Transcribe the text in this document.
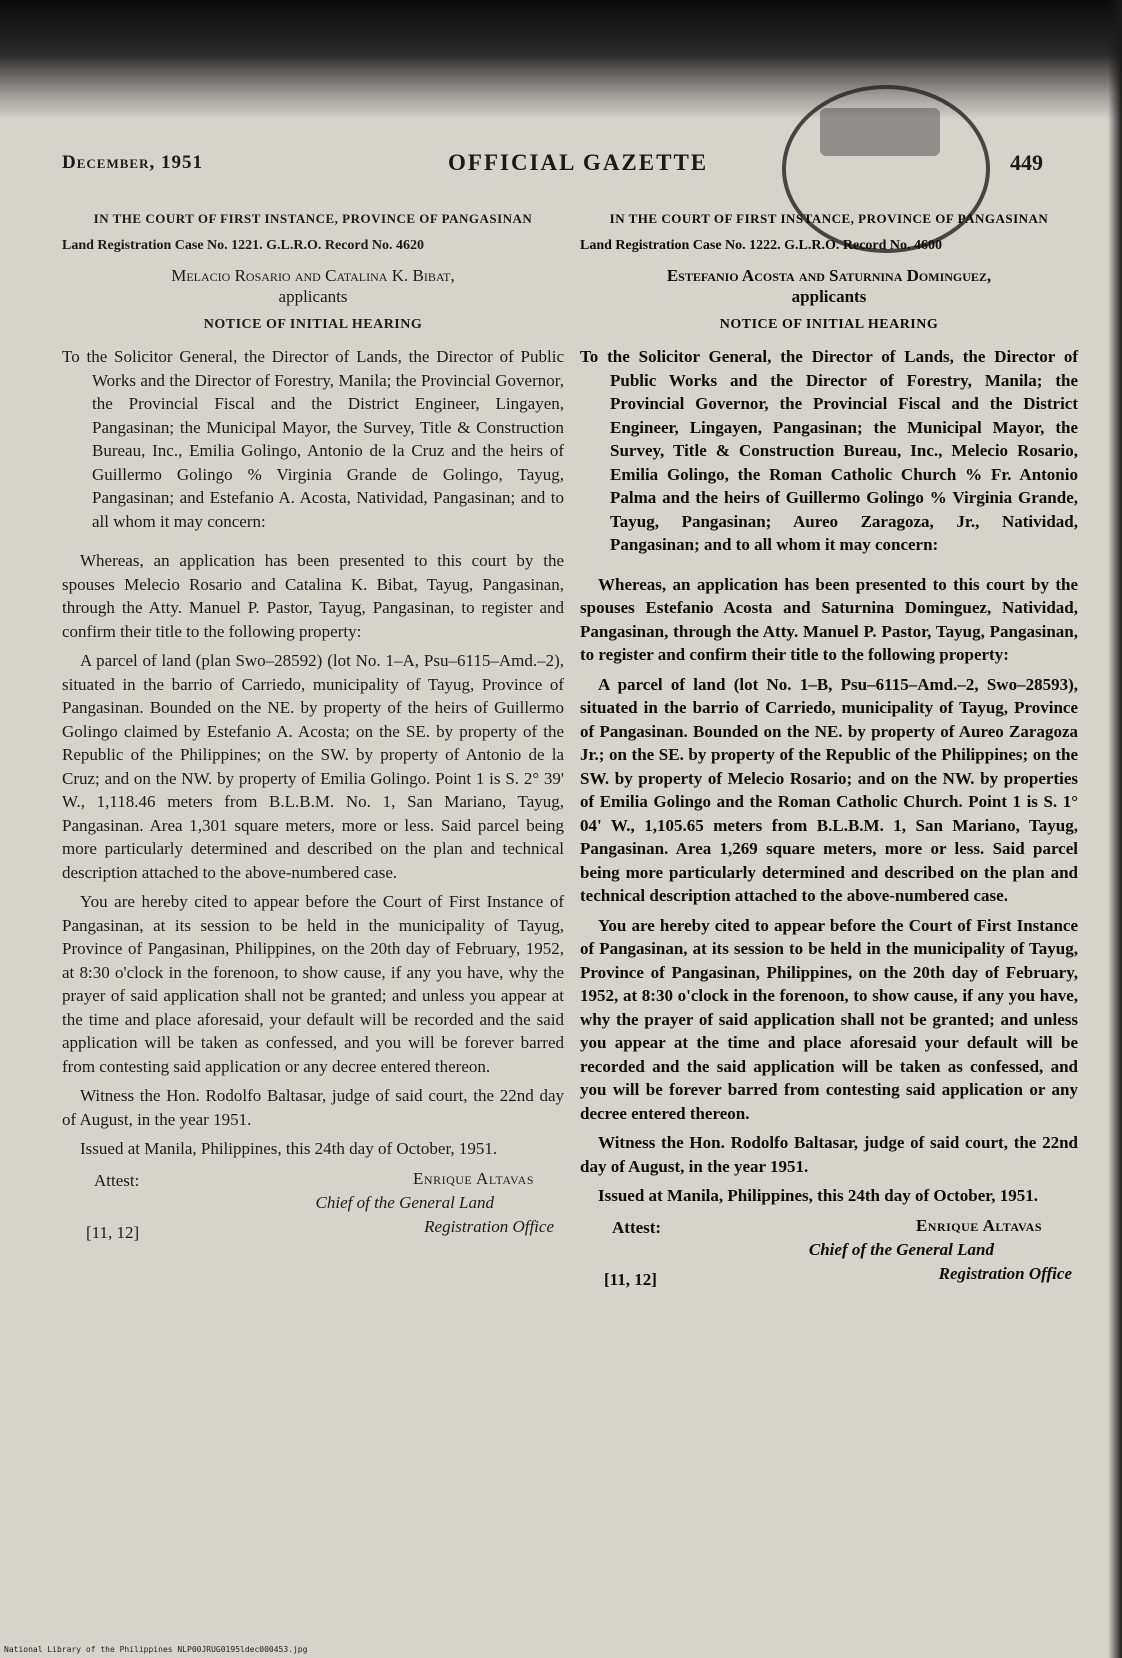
December, 1951	OFFICIAL GAZETTE	449
IN THE COURT OF FIRST INSTANCE, PROVINCE OF PANGASINAN
Land Registration Case No. 1221. G.L.R.O. Record No. 4620
Melacio Rosario and Catalina K. Bibat,
applicants
NOTICE OF INITIAL HEARING

To the Solicitor General, the Director of Lands, the Director of Public Works and the Director of Forestry, Manila; the Provincial Governor, the Provincial Fiscal and the District Engineer, Lingayen, Pangasinan; the Municipal Mayor, the Survey, Title & Construction Bureau, Inc., Emilia Golingo, Antonio de la Cruz and the heirs of Guillermo Golingo % Virginia Grande de Golingo, Tayug, Pangasinan; and Estefanio A. Acosta, Natividad, Pangasinan; and to all whom it may concern:

Whereas, an application has been presented to this court by the spouses Melecio Rosario and Catalina K. Bibat, Tayug, Pangasinan, through the Atty. Manuel P. Pastor, Tayug, Pangasinan, to register and confirm their title to the following property:

A parcel of land (plan Swo–28592) (lot No. 1–A, Psu–6115–Amd.–2), situated in the barrio of Carriedo, municipality of Tayug, Province of Pangasinan. Bounded on the NE. by property of the heirs of Guillermo Golingo claimed by Estefanio A. Acosta; on the SE. by property of the Republic of the Philippines; on the SW. by property of Antonio de la Cruz; and on the NW. by property of Emilia Golingo. Point 1 is S. 2° 39' W., 1,118.46 meters from B.L.B.M. No. 1, San Mariano, Tayug, Pangasinan. Area 1,301 square meters, more or less. Said parcel being more particularly determined and described on the plan and technical description attached to the above-numbered case.

You are hereby cited to appear before the Court of First Instance of Pangasinan, at its session to be held in the municipality of Tayug, Province of Pangasinan, Philippines, on the 20th day of February, 1952, at 8:30 o'clock in the forenoon, to show cause, if any you have, why the prayer of said application shall not be granted; and unless you appear at the time and place aforesaid, your default will be recorded and the said application will be taken as confessed, and you will be forever barred from contesting said application or any decree entered thereon.

Witness the Hon. Rodolfo Baltasar, judge of said court, the 22nd day of August, in the year 1951.

Issued at Manila, Philippines, this 24th day of October, 1951.

Attest:
[11, 12]
Enrique Altavas
Chief of the General Land
Registration Office
IN THE COURT OF FIRST INSTANCE, PROVINCE OF PANGASINAN
Land Registration Case No. 1222. G.L.R.O. Record No. 4600
Estefanio Acosta and Saturnina Dominguez,
applicants
NOTICE OF INITIAL HEARING

To the Solicitor General, the Director of Lands, the Director of Public Works and the Director of Forestry, Manila; the Provincial Governor, the Provincial Fiscal and the District Engineer, Lingayen, Pangasinan; the Municipal Mayor, the Survey, Title & Construction Bureau, Inc., Melecio Rosario, Emilia Golingo, the Roman Catholic Church % Fr. Antonio Palma and the heirs of Guillermo Golingo % Virginia Grande, Tayug, Pangasinan; Aureo Zaragoza, Jr., Natividad, Pangasinan; and to all whom it may concern:

Whereas, an application has been presented to this court by the spouses Estefanio Acosta and Saturnina Dominguez, Natividad, Pangasinan, through the Atty. Manuel P. Pastor, Tayug, Pangasinan, to register and confirm their title to the following property:

A parcel of land (lot No. 1–B, Psu–6115–Amd.–2, Swo–28593), situated in the barrio of Carriedo, municipality of Tayug, Province of Pangasinan. Bounded on the NE. by property of Aureo Zaragoza Jr.; on the SE. by property of the Republic of the Philippines; on the SW. by property of Melecio Rosario; and on the NW. by properties of Emilia Golingo and the Roman Catholic Church. Point 1 is S. 1° 04' W., 1,105.65 meters from B.L.B.M. 1, San Mariano, Tayug, Pangasinan. Area 1,269 square meters, more or less. Said parcel being more particularly determined and described on the plan and technical description attached to the above-numbered case.

You are hereby cited to appear before the Court of First Instance of Pangasinan, at its session to be held in the municipality of Tayug, Province of Pangasinan, Philippines, on the 20th day of February, 1952, at 8:30 o'clock in the forenoon, to show cause, if any you have, why the prayer of said application shall not be granted; and unless you appear at the time and place aforesaid your default will be recorded and the said application will be taken as confessed, and you will be forever barred from contesting said application or any decree entered thereon.

Witness the Hon. Rodolfo Baltasar, judge of said court, the 22nd day of August, in the year 1951.

Issued at Manila, Philippines, this 24th day of October, 1951.

Attest:
[11, 12]
Enrique Altavas
Chief of the General Land
Registration Office
National Library of the Philippines NLP00JRUG0195ldec000453.jpg
